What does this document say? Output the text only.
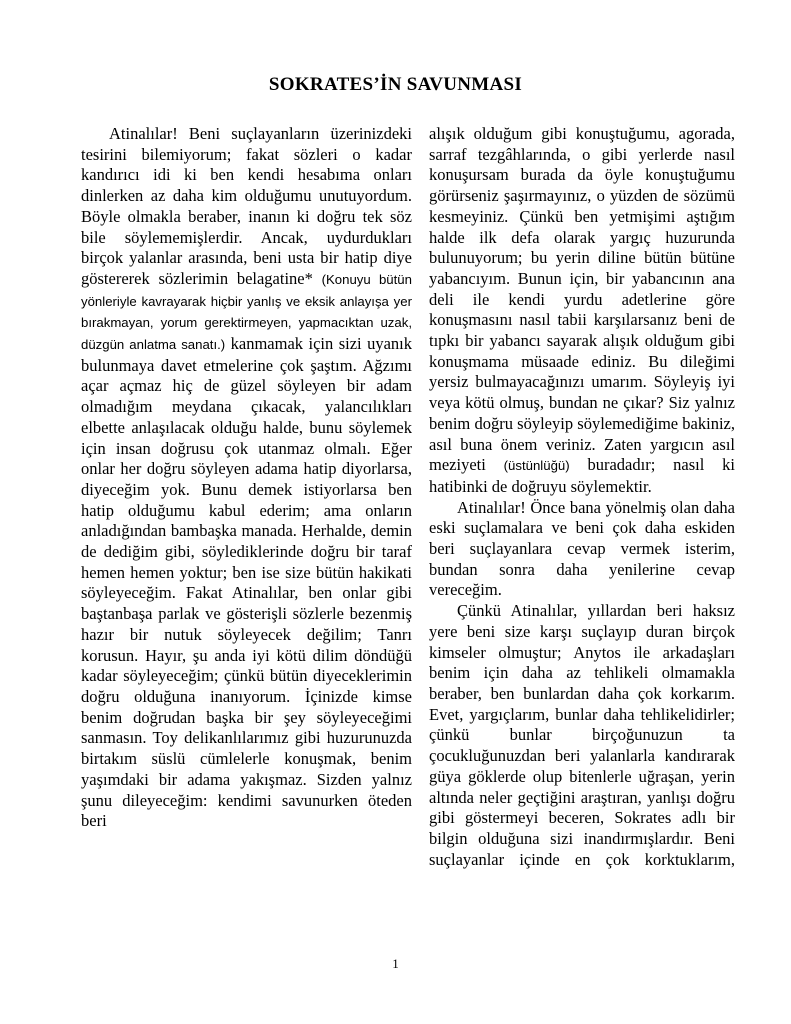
SOKRATES’İN SAVUNMASI

Atinalılar! Beni suçlayanların üzerinizdeki tesirini bilemiyorum; fakat sözleri o kadar kandırıcı idi ki ben kendi hesabıma onları dinlerken az daha kim olduğumu unutuyordum. Böyle olmakla beraber, inanın ki doğru tek söz bile söylememişlerdir. Ancak, uydurdukları birçok yalanlar arasında, beni usta bir hatip diye göstererek sözlerimin belagatine* (Konuyu bütün yönleriyle kavrayarak hiçbir yanlış ve eksik anlayışa yer bırakmayan, yorum gerektirmeyen, yapmacıktan uzak, düzgün anlatma sanatı.) kanmamak için sizi uyanık bulunmaya davet etmelerine çok şaştım. Ağzımı açar açmaz hiç de güzel söyleyen bir adam olmadığım meydana çıkacak, yalancılıkları elbette anlaşılacak olduğu halde, bunu söylemek için insan doğrusu çok utanmaz olmalı. Eğer onlar her doğru söyleyen adama hatip diyorlarsa, diyeceğim yok. Bunu demek istiyorlarsa ben hatip olduğumu kabul ederim; ama onların anladığından bambaşka manada. Herhalde, demin de dediğim gibi, söylediklerinde doğru bir taraf hemen hemen yoktur; ben ise size bütün hakikati söyleyeceğim. Fakat Atinalılar, ben onlar gibi baştanbaşa parlak ve gösterişli sözlerle bezenmiş hazır bir nutuk söyleyecek değilim; Tanrı korusun. Hayır, şu anda iyi kötü dilim döndüğü kadar söyleyeceğim; çünkü bütün diyeceklerimin doğru olduğuna inanıyorum. İçinizde kimse benim doğrudan başka bir şey söyleyeceğimi sanmasın. Toy delikanlılarımız gibi huzurunuzda birtakım süslü cümlelerle konuşmak, benim yaşımdaki bir adama yakışmaz. Sizden yalnız şunu dileyeceğim: kendimi savunurken öteden beri

alışık olduğum gibi konuştuğumu, agorada, sarraf tezgâhlarında, o gibi yerlerde nasıl konuşursam burada da öyle konuştuğumu görürseniz şaşırmayınız, o yüzden de sözümü kesmeyiniz. Çünkü ben yetmişimi aştığım halde ilk defa olarak yargıç huzurunda bulunuyorum; bu yerin diline bütün bütüne yabancıyım. Bunun için, bir yabancının ana deli ile kendi yurdu adetlerine göre konuşmasını nasıl tabii karşılarsanız beni de tıpkı bir yabancı sayarak alışık olduğum gibi konuşmama müsaade ediniz. Bu dileğimi yersiz bulmayacağınızı umarım. Söyleyiş iyi veya kötü olmuş, bundan ne çıkar? Siz yalnız benim doğru söyleyip söylemediğime bakiniz, asıl buna önem veriniz. Zaten yargıcın asıl meziyeti (üstünlüğü) buradadır; nasıl ki hatibinki de doğruyu söylemektir.

Atinalılar! Önce bana yönelmiş olan daha eski suçlamalara ve beni çok daha eskiden beri suçlayanlara cevap vermek isterim, bundan sonra daha yenilerine cevap vereceğim.

Çünkü Atinalılar, yıllardan beri haksız yere beni size karşı suçlayıp duran birçok kimseler olmuştur; Anytos ile arkadaşları benim için daha az tehlikeli olmamakla beraber, ben bunlardan daha çok korkarım. Evet, yargıçlarım, bunlar daha tehlikelidirler; çünkü bunlar birçoğunuzun ta çocukluğunuzdan beri yalanlarla kandırarak güya göklerde olup bitenlerle uğraşan, yerin altında neler geçtiğini araştıran, yanlışı doğru gibi göstermeyi beceren, Sokrates adlı bir bilgin olduğuna sizi inandırmışlardır. Beni suçlayanlar içinde en çok korktuklarım,

1
